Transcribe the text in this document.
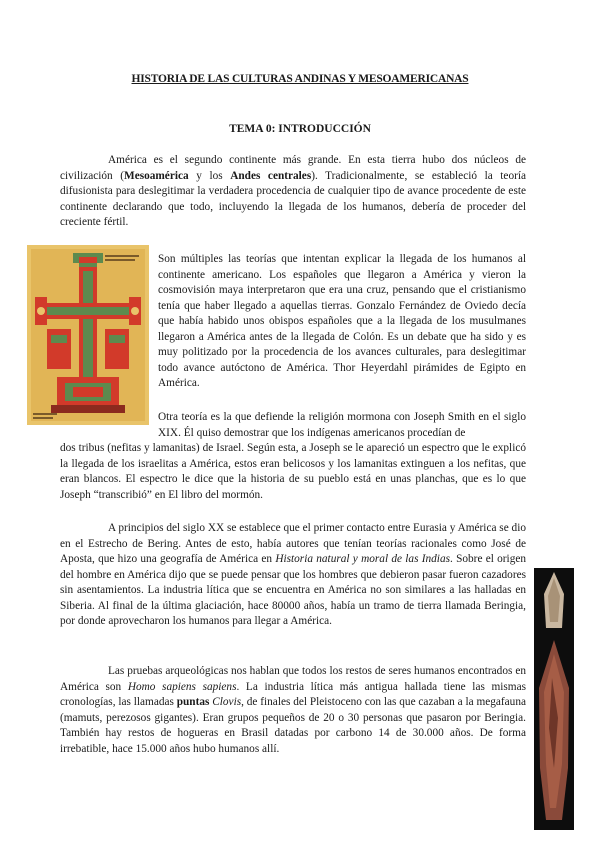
HISTORIA DE LAS CULTURAS ANDINAS Y MESOAMERICANAS
TEMA 0: INTRODUCCIÓN

América es el segundo continente más grande. En esta tierra hubo dos núcleos de civilización (Mesoamérica y los Andes centrales). Tradicionalmente, se estableció la teoría difusionista para deslegitimar la verdadera procedencia de cualquier tipo de avance procedente de este continente declarando que todo, incluyendo la llegada de los humanos, debería de proceder del creciente fértil.

Son múltiples las teorías que intentan explicar la llegada de los humanos al continente americano. Los españoles que llegaron a América y vieron la cosmovisión maya interpretaron que era una cruz, pensando que el cristianismo tenía que haber llegado a aquellas tierras. Gonzalo Fernández de Oviedo decía que había habido unos obispos españoles que a la llegada de los musulmanes llegaron a América antes de la llegada de Colón. Es un debate que ha sido y es muy politizado por la procedencia de los avances culturales, para deslegitimar todo avance autóctono de América. Thor Heyerdahl pirámides de Egipto en América.

Otra teoría es la que defiende la religión mormona con Joseph Smith en el siglo XIX. Él quiso demostrar que los indígenas americanos procedían de

dos tribus (nefitas y lamanitas) de Israel. Según esta, a Joseph se le apareció un espectro que le explicó la llegada de los israelitas a América, estos eran belicosos y los lamanitas extinguen a los nefitas, que eran blancos. El espectro le dice que la historia de su pueblo está en unas planchas, que es lo que Joseph “transcribió” en El libro del mormón.

A principios del siglo XX se establece que el primer contacto entre Eurasia y América se dio en el Estrecho de Bering. Antes de esto, había autores que tenían teorías racionales como José de Aposta, que hizo una geografía de América en Historia natural y moral de las Indias. Sobre el origen del hombre en América dijo que se puede pensar que los hombres que debieron pasar fueron cazadores sin asentamientos. La industria lítica que se encuentra en América no son similares a las halladas en Siberia. Al final de la última glaciación, hace 80000 años, había un tramo de tierra llamada Beringia, por donde aprovecharon los humanos para llegar a América.

Las pruebas arqueológicas nos hablan que todos los restos de seres humanos encontrados en América son Homo sapiens sapiens. La industria lítica más antigua hallada tiene las mismas cronologías, las llamadas puntas Clovis, de finales del Pleistoceno con las que cazaban a la megafauna (mamuts, perezosos gigantes). Eran grupos pequeños de 20 o 30 personas que pasaron por Beringia. También hay restos de hogueras en Brasil datadas por carbono 14 de 30.000 años. De forma irrebatible, hace 15.000 años hubo humanos allí.
